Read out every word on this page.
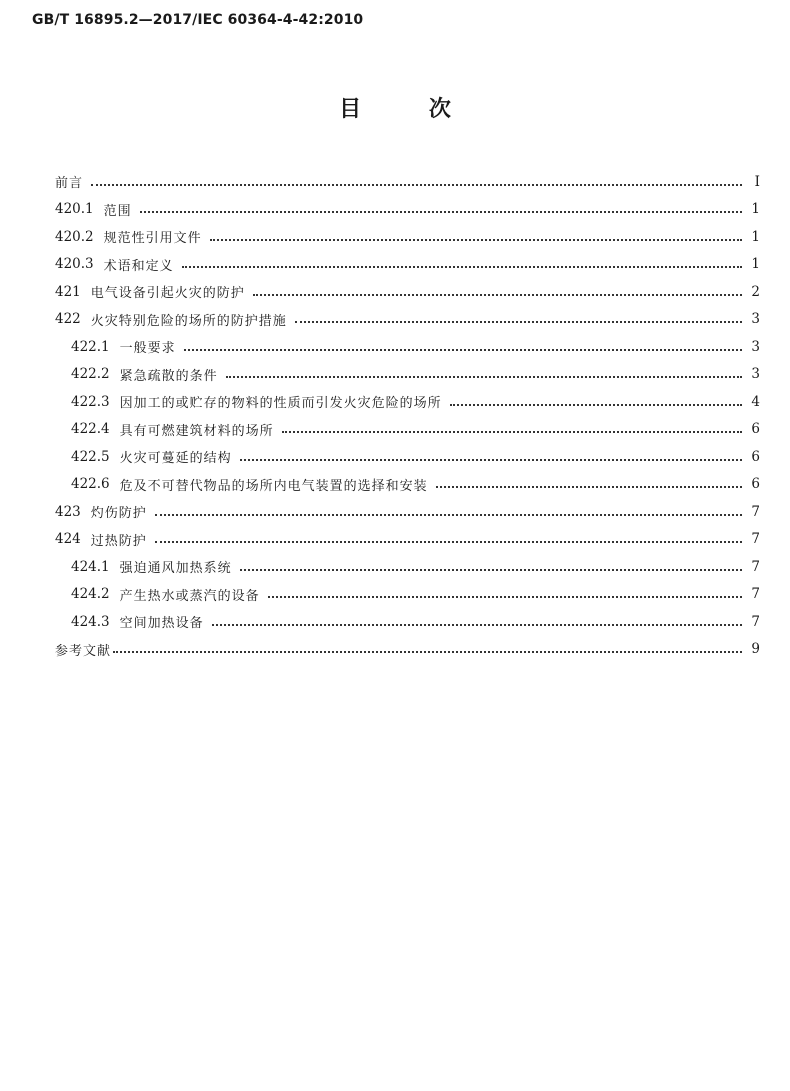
GB/T 16895.2—2017/IEC 60364-4-42:2010
目 次
前言	I
420.1 范围	1
420.2 规范性引用文件	1
420.3 术语和定义	1
421 电气设备引起火灾的防护	2
422 火灾特别危险的场所的防护措施	3
422.1 一般要求	3
422.2 紧急疏散的条件	3
422.3 因加工的或贮存的物料的性质而引发火灾危险的场所	4
422.4 具有可燃建筑材料的场所	6
422.5 火灾可蔓延的结构	6
422.6 危及不可替代物品的场所内电气装置的选择和安装	6
423 灼伤防护	7
424 过热防护	7
424.1 强迫通风加热系统	7
424.2 产生热水或蒸汽的设备	7
424.3 空间加热设备	7
参考文献	9
